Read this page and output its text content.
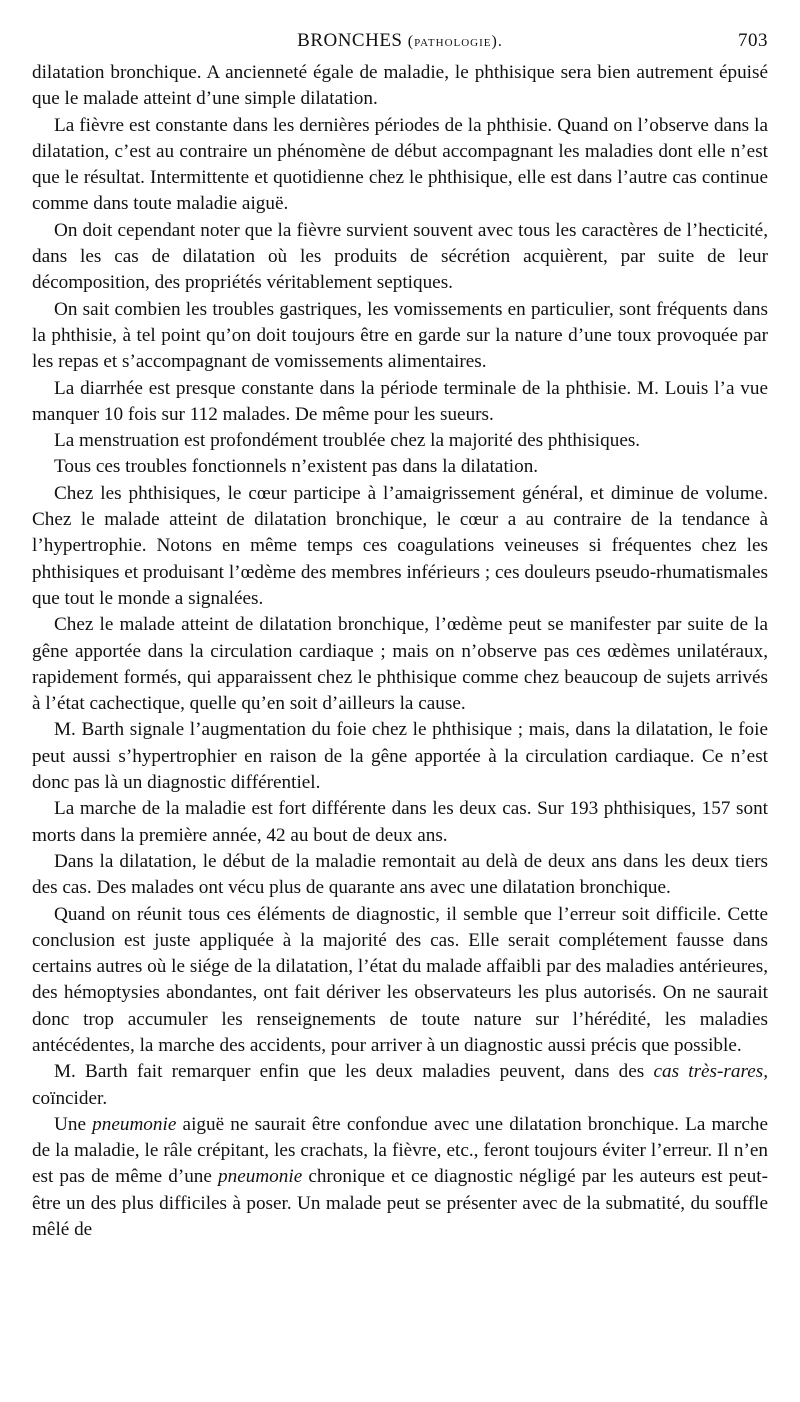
BRONCHES (pathologie).	703

dilatation bronchique. A ancienneté égale de maladie, le phthisique sera bien autrement épuisé que le malade atteint d’une simple dilatation.

La fièvre est constante dans les dernières périodes de la phthisie. Quand on l’observe dans la dilatation, c’est au contraire un phénomène de début accompagnant les maladies dont elle n’est que le résultat. Intermittente et quotidienne chez le phthisique, elle est dans l’autre cas continue comme dans toute maladie aiguë.

On doit cependant noter que la fièvre survient souvent avec tous les caractères de l’hecticité, dans les cas de dilatation où les produits de sécrétion acquièrent, par suite de leur décomposition, des propriétés véritablement septiques.

On sait combien les troubles gastriques, les vomissements en particulier, sont fréquents dans la phthisie, à tel point qu’on doit toujours être en garde sur la nature d’une toux provoquée par les repas et s’accompagnant de vomissements alimentaires.

La diarrhée est presque constante dans la période terminale de la phthisie. M. Louis l’a vue manquer 10 fois sur 112 malades. De même pour les sueurs.

La menstruation est profondément troublée chez la majorité des phthisiques.

Tous ces troubles fonctionnels n’existent pas dans la dilatation.

Chez les phthisiques, le cœur participe à l’amaigrissement général, et diminue de volume. Chez le malade atteint de dilatation bronchique, le cœur a au contraire de la tendance à l’hypertrophie. Notons en même temps ces coagulations veineuses si fréquentes chez les phthisiques et produisant l’œdème des membres inférieurs ; ces douleurs pseudo-rhumatismales que tout le monde a signalées.

Chez le malade atteint de dilatation bronchique, l’œdème peut se manifester par suite de la gêne apportée dans la circulation cardiaque ; mais on n’observe pas ces œdèmes unilatéraux, rapidement formés, qui apparaissent chez le phthisique comme chez beaucoup de sujets arrivés à l’état cachectique, quelle qu’en soit d’ailleurs la cause.

M. Barth signale l’augmentation du foie chez le phthisique ; mais, dans la dilatation, le foie peut aussi s’hypertrophier en raison de la gêne apportée à la circulation cardiaque. Ce n’est donc pas là un diagnostic différentiel.

La marche de la maladie est fort différente dans les deux cas. Sur 193 phthisiques, 157 sont morts dans la première année, 42 au bout de deux ans.

Dans la dilatation, le début de la maladie remontait au delà de deux ans dans les deux tiers des cas. Des malades ont vécu plus de quarante ans avec une dilatation bronchique.

Quand on réunit tous ces éléments de diagnostic, il semble que l’erreur soit difficile. Cette conclusion est juste appliquée à la majorité des cas. Elle serait complétement fausse dans certains autres où le siége de la dilatation, l’état du malade affaibli par des maladies antérieures, des hémoptysies abondantes, ont fait dériver les observateurs les plus autorisés. On ne saurait donc trop accumuler les renseignements de toute nature sur l’hérédité, les maladies antécédentes, la marche des accidents, pour arriver à un diagnostic aussi précis que possible.

M. Barth fait remarquer enfin que les deux maladies peuvent, dans des cas très-rares, coïncider.

Une pneumonie aiguë ne saurait être confondue avec une dilatation bronchique. La marche de la maladie, le râle crépitant, les crachats, la fièvre, etc., feront toujours éviter l’erreur. Il n’en est pas de même d’une pneumonie chronique et ce diagnostic négligé par les auteurs est peut-être un des plus difficiles à poser. Un malade peut se présenter avec de la submatité, du souffle mêlé de
